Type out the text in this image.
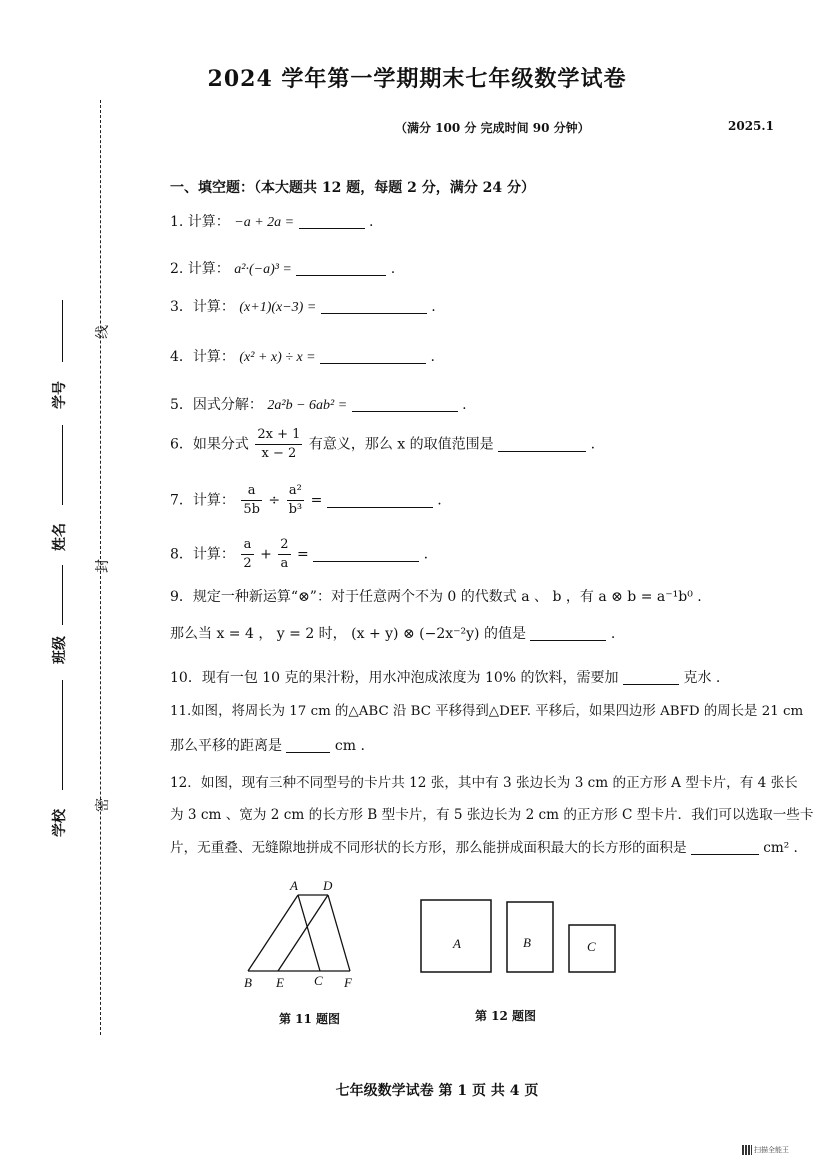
2024 学年第一学期期末七年级数学试卷
（满分 100 分 完成时间 90 分钟）	2025.1
线
封
密
学号
姓名
班级
学校
一、填空题：（本大题共 12 题，每题 2 分，满分 24 分）
1. 计算： −a + 2a =	.
2. 计算： a²·(−a)³ =	.
3．计算： (x+1)(x−3) =	.
4．计算： (x² + x) ÷ x =	.
5．因式分解： 2a²b − 6ab² =	.
6．如果分式 $\frac{2x + 1}{x - 2}$ 有意义，那么 x 的取值范围是	.
7．计算： $\frac{a}{5b} \div \frac{\text{a²}}{\text{b³}}$ =	.
8．计算： $\frac{a}{2} + \frac{2}{a}$ =	.
9．规定一种新运算“⊗”：对于任意两个不为 0 的代数式 a 、 b ，有 a ⊗ b = a⁻¹b⁰ .
那么当 x = 4 ， y = 2 时， (x + y) ⊗ (−2x⁻²y) 的值是	.
10．现有一包 10 克的果汁粉，用水冲泡成浓度为 10% 的饮料，需要加	克水 .
11.如图，将周长为 17 cm 的△ABC 沿 BC 平移得到△DEF. 平移后，如果四边形 ABFD 的周长是 21 cm
那么平移的距离是	cm .
12．如图，现有三种不同型号的卡片共 12 张，其中有 3 张边长为 3 cm 的正方形 A 型卡片，有 4 张长
为 3 cm 、宽为 2 cm 的长方形 B 型卡片，有 5 张边长为 2 cm 的正方形 C 型卡片．我们可以选取一些卡
片，无重叠、无缝隙地拼成不同形状的长方形，那么能拼成面积最大的长方形的面积是	cm² .
A D
B E C F
第 11 题图
A	B	C
第 12 题图
七年级数学试卷 第 1 页 共 4 页
扫描全能王
